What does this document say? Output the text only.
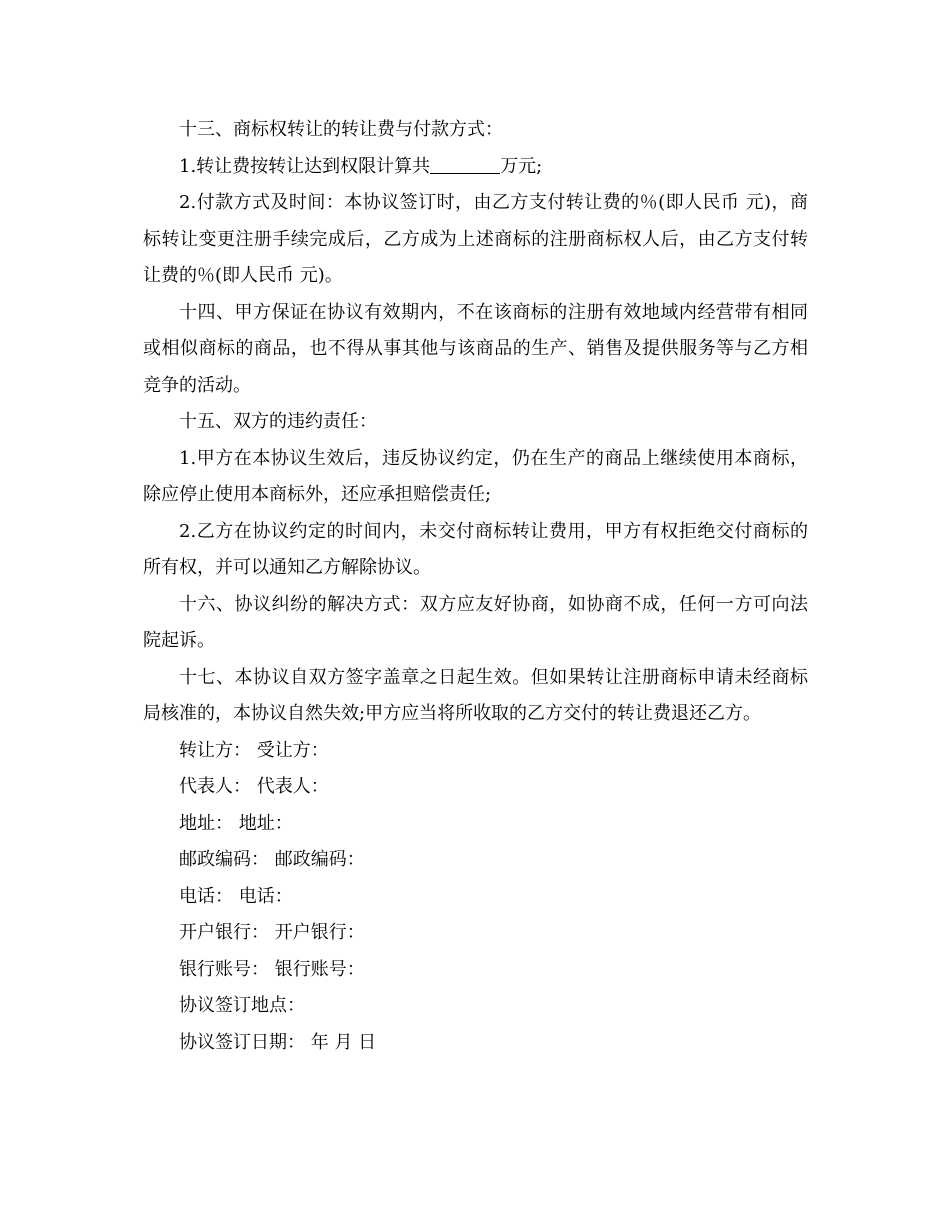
十三、商标权转让的转让费与付款方式：

1.转让费按转让达到权限计算共	万元;

2.付款方式及时间：本协议签订时，由乙方支付转让费的％(即人民币 元)，商标转让变更注册手续完成后，乙方成为上述商标的注册商标权人后，由乙方支付转让费的％(即人民币 元)。

十四、甲方保证在协议有效期内，不在该商标的注册有效地域内经营带有相同或相似商标的商品，也不得从事其他与该商品的生产、销售及提供服务等与乙方相竞争的活动。

十五、双方的违约责任：

1.甲方在本协议生效后，违反协议约定，仍在生产的商品上继续使用本商标，除应停止使用本商标外，还应承担赔偿责任;

2.乙方在协议约定的时间内，未交付商标转让费用，甲方有权拒绝交付商标的所有权，并可以通知乙方解除协议。

十六、协议纠纷的解决方式：双方应友好协商，如协商不成，任何一方可向法院起诉。

十七、本协议自双方签字盖章之日起生效。但如果转让注册商标申请未经商标局核准的，本协议自然失效;甲方应当将所收取的乙方交付的转让费退还乙方。

转让方： 受让方：

代表人： 代表人：

地址： 地址：

邮政编码： 邮政编码：

电话： 电话：

开户银行： 开户银行：

银行账号： 银行账号：

协议签订地点：

协议签订日期： 年 月 日
